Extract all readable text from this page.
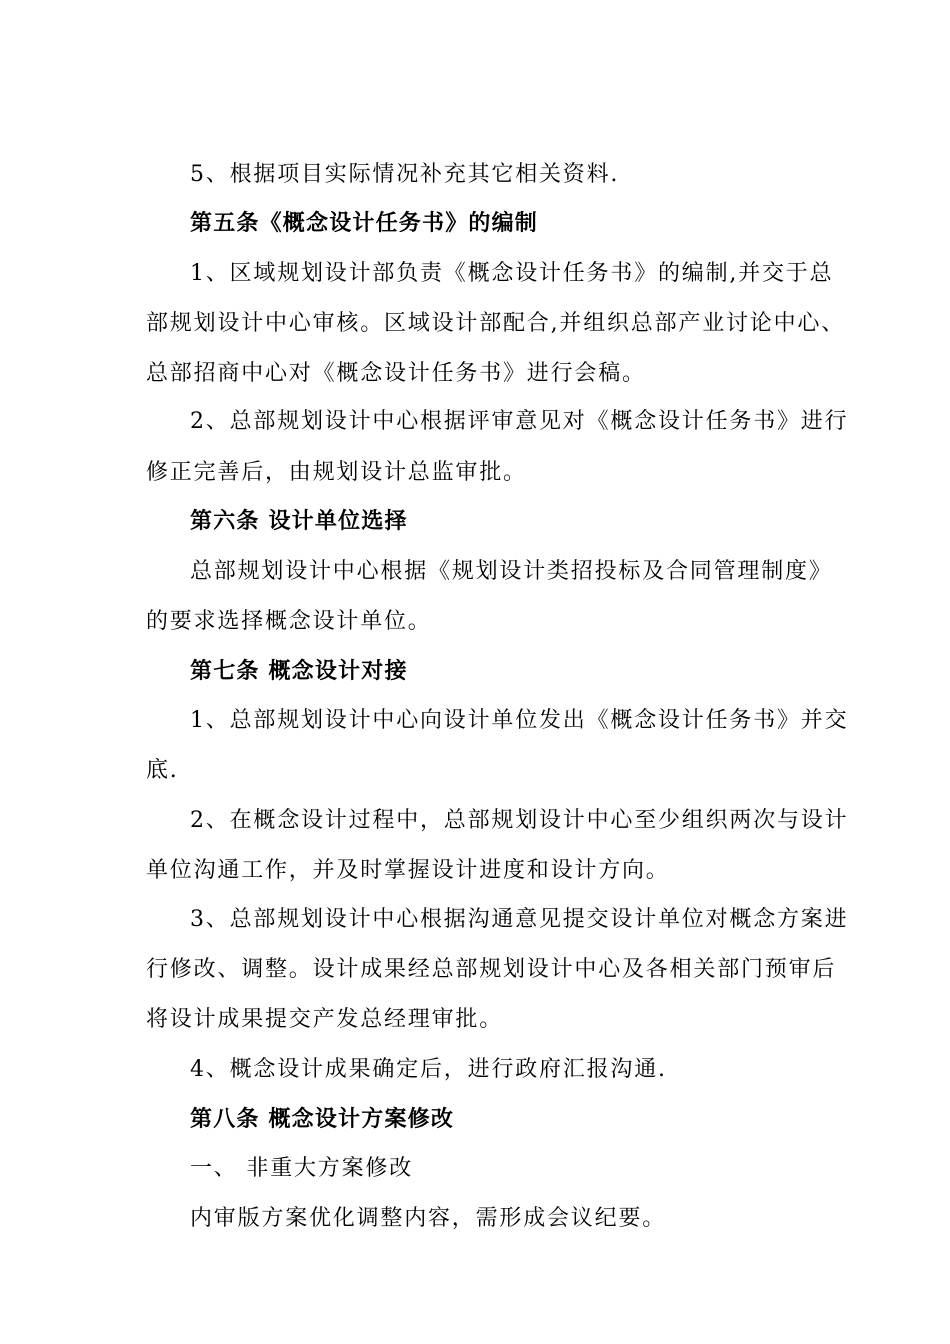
5、根据项目实际情况补充其它相关资料.

第五条《概念设计任务书》的编制

1、区域规划设计部负责《概念设计任务书》的编制,并交于总

部规划设计中心审核。区域设计部配合,并组织总部产业讨论中心、

总部招商中心对《概念设计任务书》进行会稿。

2、总部规划设计中心根据评审意见对《概念设计任务书》进行

修正完善后，由规划设计总监审批。

第六条 设计单位选择

总部规划设计中心根据《规划设计类招投标及合同管理制度》

的要求选择概念设计单位。

第七条 概念设计对接

1、总部规划设计中心向设计单位发出《概念设计任务书》并交

底.

2、在概念设计过程中，总部规划设计中心至少组织两次与设计

单位沟通工作，并及时掌握设计进度和设计方向。

3、总部规划设计中心根据沟通意见提交设计单位对概念方案进

行修改、调整。设计成果经总部规划设计中心及各相关部门预审后

将设计成果提交产发总经理审批。

4、概念设计成果确定后，进行政府汇报沟通.

第八条 概念设计方案修改

一、 非重大方案修改

内审版方案优化调整内容，需形成会议纪要。
